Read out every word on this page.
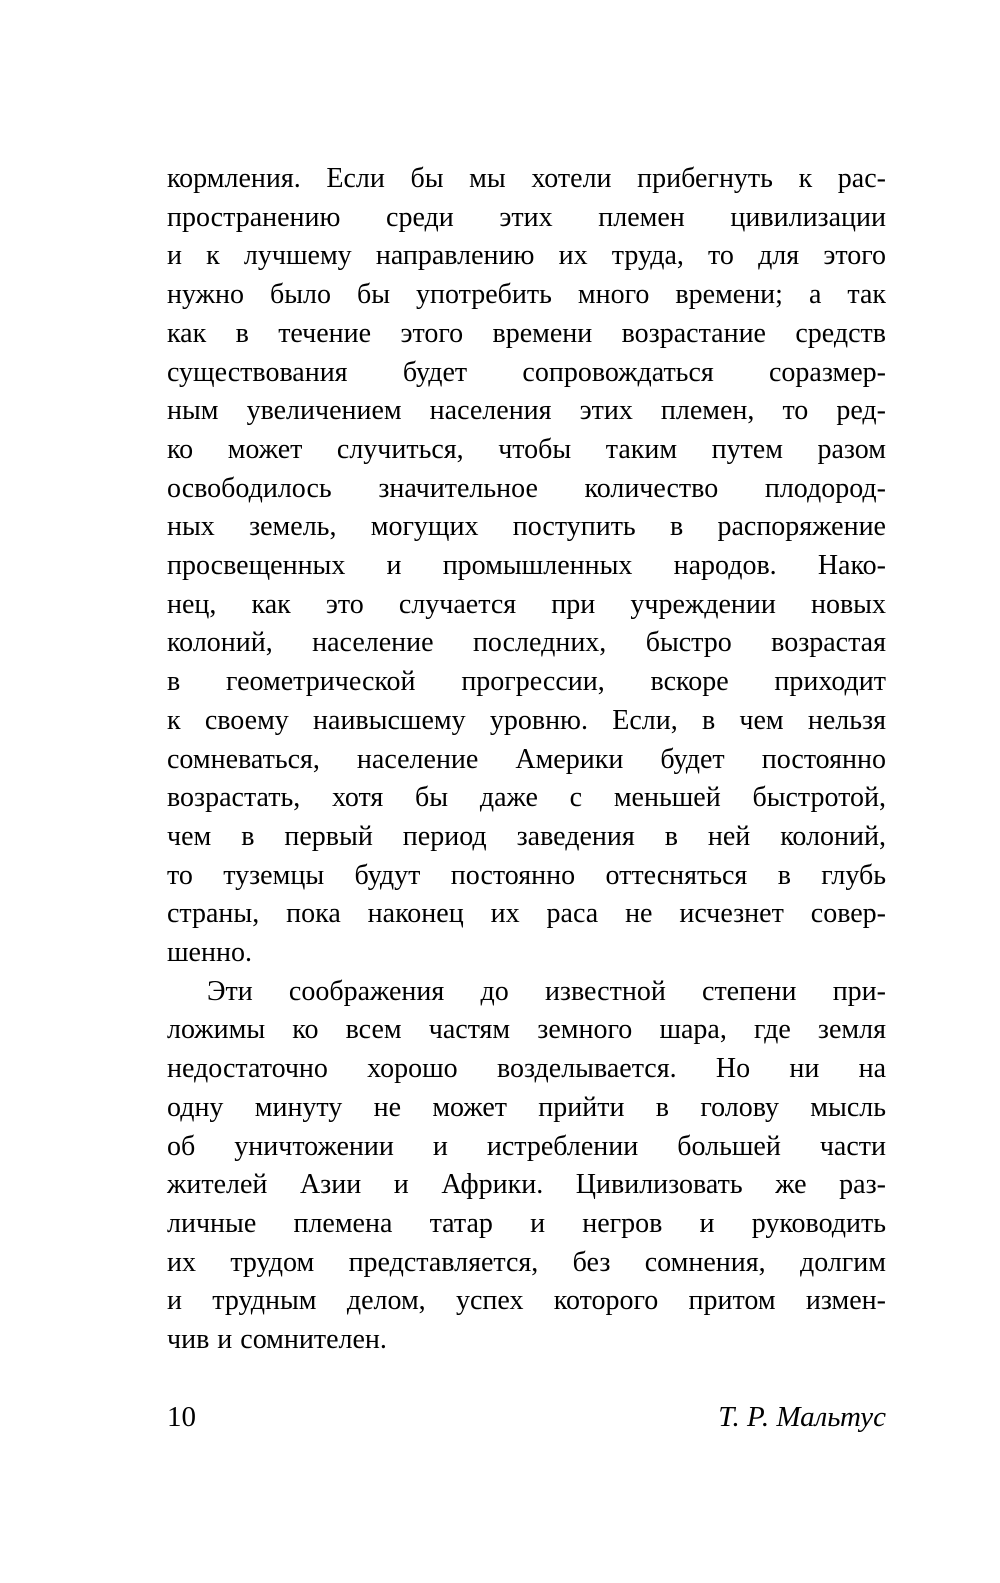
кормления. Если бы мы хотели прибегнуть к рас-
пространению среди этих племен цивилизации
и к лучшему направлению их труда, то для этого
нужно было бы употребить много времени; а так
как в течение этого времени возрастание средств
существования будет сопровождаться соразмер-
ным увеличением населения этих племен, то ред-
ко может случиться, чтобы таким путем разом
освободилось значительное количество плодород-
ных земель, могущих поступить в распоряжение
просвещенных и промышленных народов. Нако-
нец, как это случается при учреждении новых
колоний, население последних, быстро возрастая
в геометрической прогрессии, вскоре приходит
к своему наивысшему уровню. Если, в чем нельзя
сомневаться, население Америки будет постоянно
возрастать, хотя бы даже с меньшей быстротой,
чем в первый период заведения в ней колоний,
то туземцы будут постоянно оттесняться в глубь
страны, пока наконец их раса не исчезнет совер-
шенно.
Эти соображения до известной степени при-
ложимы ко всем частям земного шара, где земля
недостаточно хорошо возделывается. Но ни на
одну минуту не может прийти в голову мысль
об уничтожении и истреблении большей части
жителей Азии и Африки. Цивилизовать же раз-
личные племена татар и негров и руководить
их трудом представляется, без сомнения, долгим
и трудным делом, успех которого притом измен-
чив и сомнителен.
10	Т. Р. Мальтус
